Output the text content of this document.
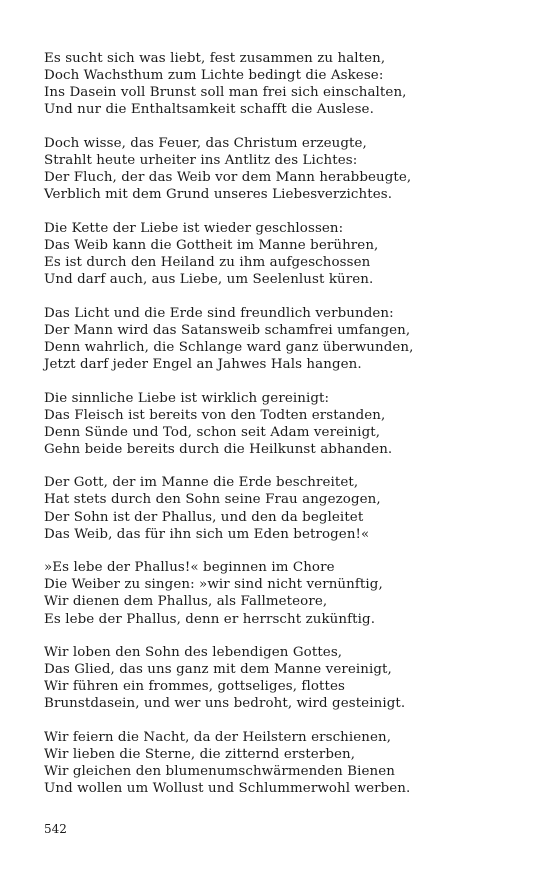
Es sucht sich was liebt, fest zusammen zu halten,
Doch Wachsthum zum Lichte bedingt die Askese:
Ins Dasein voll Brunst soll man frei sich einschalten,
Und nur die Enthaltsamkeit schafft die Auslese.
Doch wisse, das Feuer, das Christum erzeugte,
Strahlt heute urheiter ins Antlitz des Lichtes:
Der Fluch, der das Weib vor dem Mann herabbeugte,
Verblich mit dem Grund unseres Liebesverzichtes.
Die Kette der Liebe ist wieder geschlossen:
Das Weib kann die Gottheit im Manne berühren,
Es ist durch den Heiland zu ihm aufgeschossen
Und darf auch, aus Liebe, um Seelenlust küren.
Das Licht und die Erde sind freundlich verbunden:
Der Mann wird das Satansweib schamfrei umfangen,
Denn wahrlich, die Schlange ward ganz überwunden,
Jetzt darf jeder Engel an Jahwes Hals hangen.
Die sinnliche Liebe ist wirklich gereinigt:
Das Fleisch ist bereits von den Todten erstanden,
Denn Sünde und Tod, schon seit Adam vereinigt,
Gehn beide bereits durch die Heilkunst abhanden.
Der Gott, der im Manne die Erde beschreitet,
Hat stets durch den Sohn seine Frau angezogen,
Der Sohn ist der Phallus, und den da begleitet
Das Weib, das für ihn sich um Eden betrogen!«
»Es lebe der Phallus!« beginnen im Chore
Die Weiber zu singen: »wir sind nicht vernünftig,
Wir dienen dem Phallus, als Fallmeteore,
Es lebe der Phallus, denn er herrscht zukünftig.
Wir loben den Sohn des lebendigen Gottes,
Das Glied, das uns ganz mit dem Manne vereinigt,
Wir führen ein frommes, gottseliges, flottes
Brunstdasein, und wer uns bedroht, wird gesteinigt.
Wir feiern die Nacht, da der Heilstern erschienen,
Wir lieben die Sterne, die zitternd ersterben,
Wir gleichen den blumenumschwärmenden Bienen
Und wollen um Wollust und Schlummerwohl werben.
542
